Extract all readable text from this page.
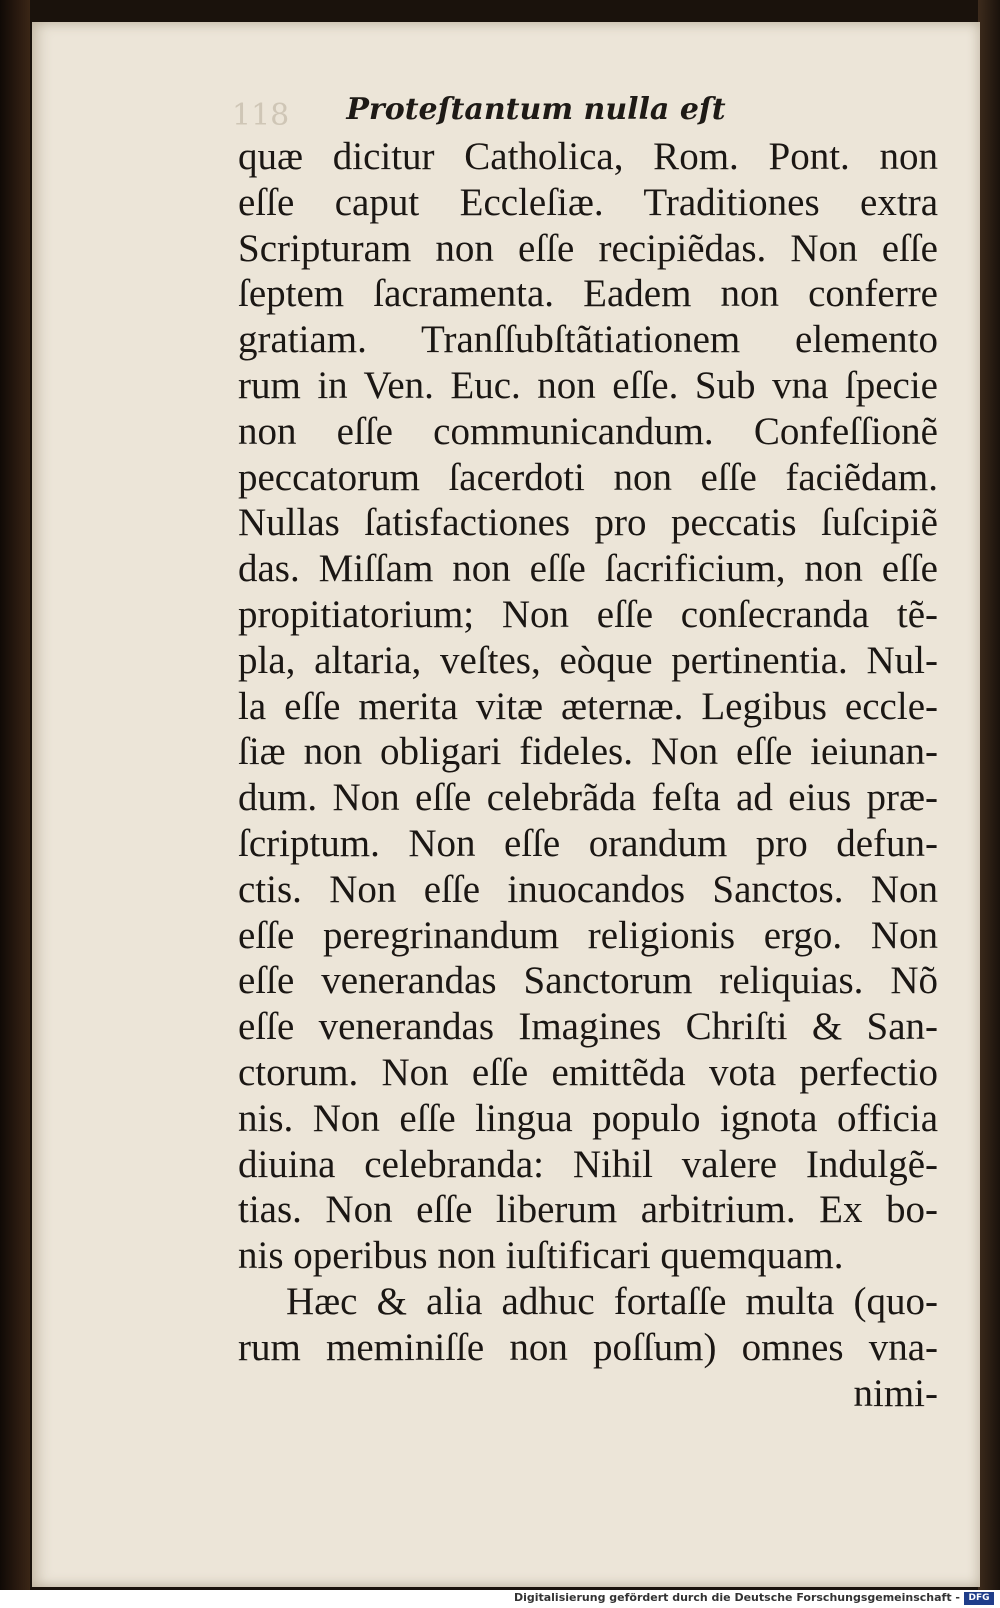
118	Proteſtantum nulla eſt
quæ dicitur Catholica, Rom. Pont. non
eſſe caput Eccleſiæ. Traditiones extra
Scripturam non eſſe recipiẽdas. Non eſſe
ſeptem ſacramenta. Eadem non conferre
gratiam. Tranſſubſtãtiationem elemento
rum in Ven. Euc. non eſſe. Sub vna ſpecie
non eſſe communicandum. Confeſſionẽ
peccatorum ſacerdoti non eſſe faciẽdam.
Nullas ſatisfactiones pro peccatis ſuſcipiẽ
das. Miſſam non eſſe ſacrificium, non eſſe
propitiatorium; Non eſſe conſecranda tẽ-
pla, altaria, veſtes, eòque pertinentia. Nul-
la eſſe merita vitæ æternæ. Legibus eccle-
ſiæ non obligari fideles. Non eſſe ieiunan-
dum. Non eſſe celebrãda feſta ad eius præ-
ſcriptum. Non eſſe orandum pro defun-
ctis. Non eſſe inuocandos Sanctos. Non
eſſe peregrinandum religionis ergo. Non
eſſe venerandas Sanctorum reliquias. Nõ
eſſe venerandas Imagines Chriſti & San-
ctorum. Non eſſe emittẽda vota perfectio
nis. Non eſſe lingua populo ignota officia
diuina celebranda: Nihil valere Indulgẽ-
tias. Non eſſe liberum arbitrium. Ex bo-
nis operibus non iuſtificari quemquam.
Hæc & alia adhuc fortaſſe multa (quo-
rum meminiſſe non poſſum) omnes vna-
nimi-
Digitalisierung gefördert durch die Deutsche Forschungsgemeinschaft - DFG
